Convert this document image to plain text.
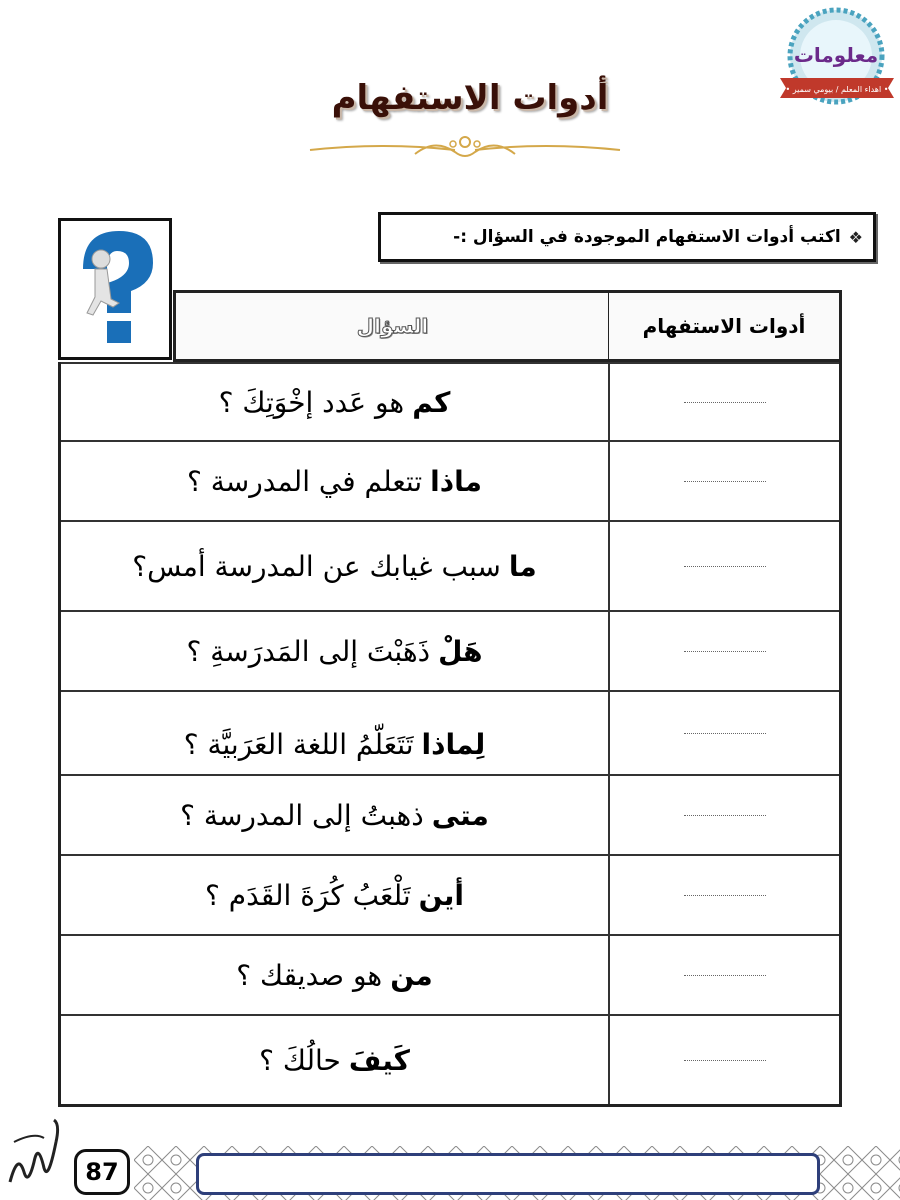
معلومات
• اهداء المعلم / بيومي سمير •
أدوات الاستفهام
❖
اكتب أدوات الاستفهام الموجودة في السؤال :-
السؤال	أدوات الاستفهام
كم
هو عَدد إخْوَتِكَ ؟
ماذا
تتعلم في المدرسة ؟
ما
سبب غيابك عن المدرسة أمس؟
هَلْ
ذَهَبْتَ إلى المَدرَسةِ ؟
لِماذا
تَتَعَلّمُ اللغة العَرَبيَّة ؟
متى
ذهبتُ إلى المدرسة ؟
أين
تَلْعَبُ كُرَةَ القَدَم ؟
من
هو صديقك ؟
كَيفَ
حالُكَ ؟
87
